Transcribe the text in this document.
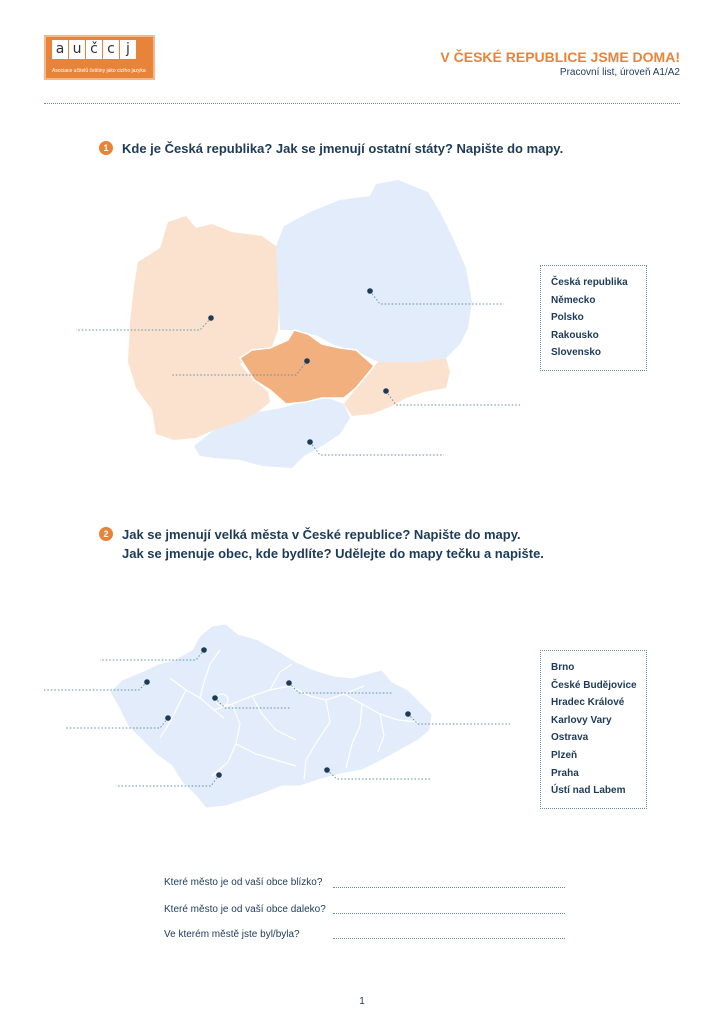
a u č c j
Asociace učitelů češtiny jako cizího jazyka
V ČESKÉ REPUBLICE JSME DOMA!
Pracovní list, úroveň A1/A2
1	Kde je Česká republika? Jak se jmenují ostatní státy? Napište do mapy.
Česká republika
Německo
Polsko
Rakousko
Slovensko
2	Jak se jmenují velká města v České republice? Napište do mapy.
Jak se jmenuje obec, kde bydlíte? Udělejte do mapy tečku a napište.
Brno
České Budějovice
Hradec Králové
Karlovy Vary
Ostrava
Plzeň
Praha
Ústí nad Labem
Které město je od vaší obce blízko?
Které město je od vaší obce daleko?
Ve kterém městě jste byl/byla?
1
